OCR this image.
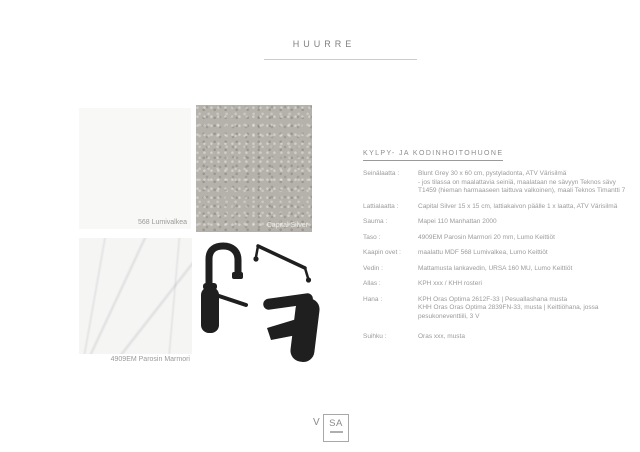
HUURRE
568 Lumivalkea	Capital Silver
4909EM Parosin Marmori
KYLPY- JA KODINHOITOHUONE
Seinälaatta :	Blunt Grey 30 x 60 cm, pystyladonta, ATV Värisilmä
- jos tilassa on maalattavia seiniä, maalataan ne sävyyn Teknos sävy
T1459 (hieman harmaaseen taittuva valkoinen), maali Teknos Timantti 7
Lattialaatta :	Capital Silver 15 x 15 cm, lattiakaivon päälle 1 x laatta, ATV Värisilmä
Sauma :	Mapei 110 Manhattan 2000
Taso :	4909EM Parosin Marmori 20 mm, Lumo Keittiöt
Kaapin ovet :	maalattu MDF 568 Lumivalkea, Lumo Keittiöt
Vedin :	Mattamusta lankavedin, URSA 160 MU, Lumo Keittiöt
Allas :	KPH xxx / KHH rosteri
Hana :	KPH Oras Optima 2612F-33 | Pesuallashana musta
KHH Oras Oras Optima 2839FN-33, musta | Keittiöhana, jossa
pesukoneventtiili, 3 V
Suihku :	Oras xxx, musta
V SA
